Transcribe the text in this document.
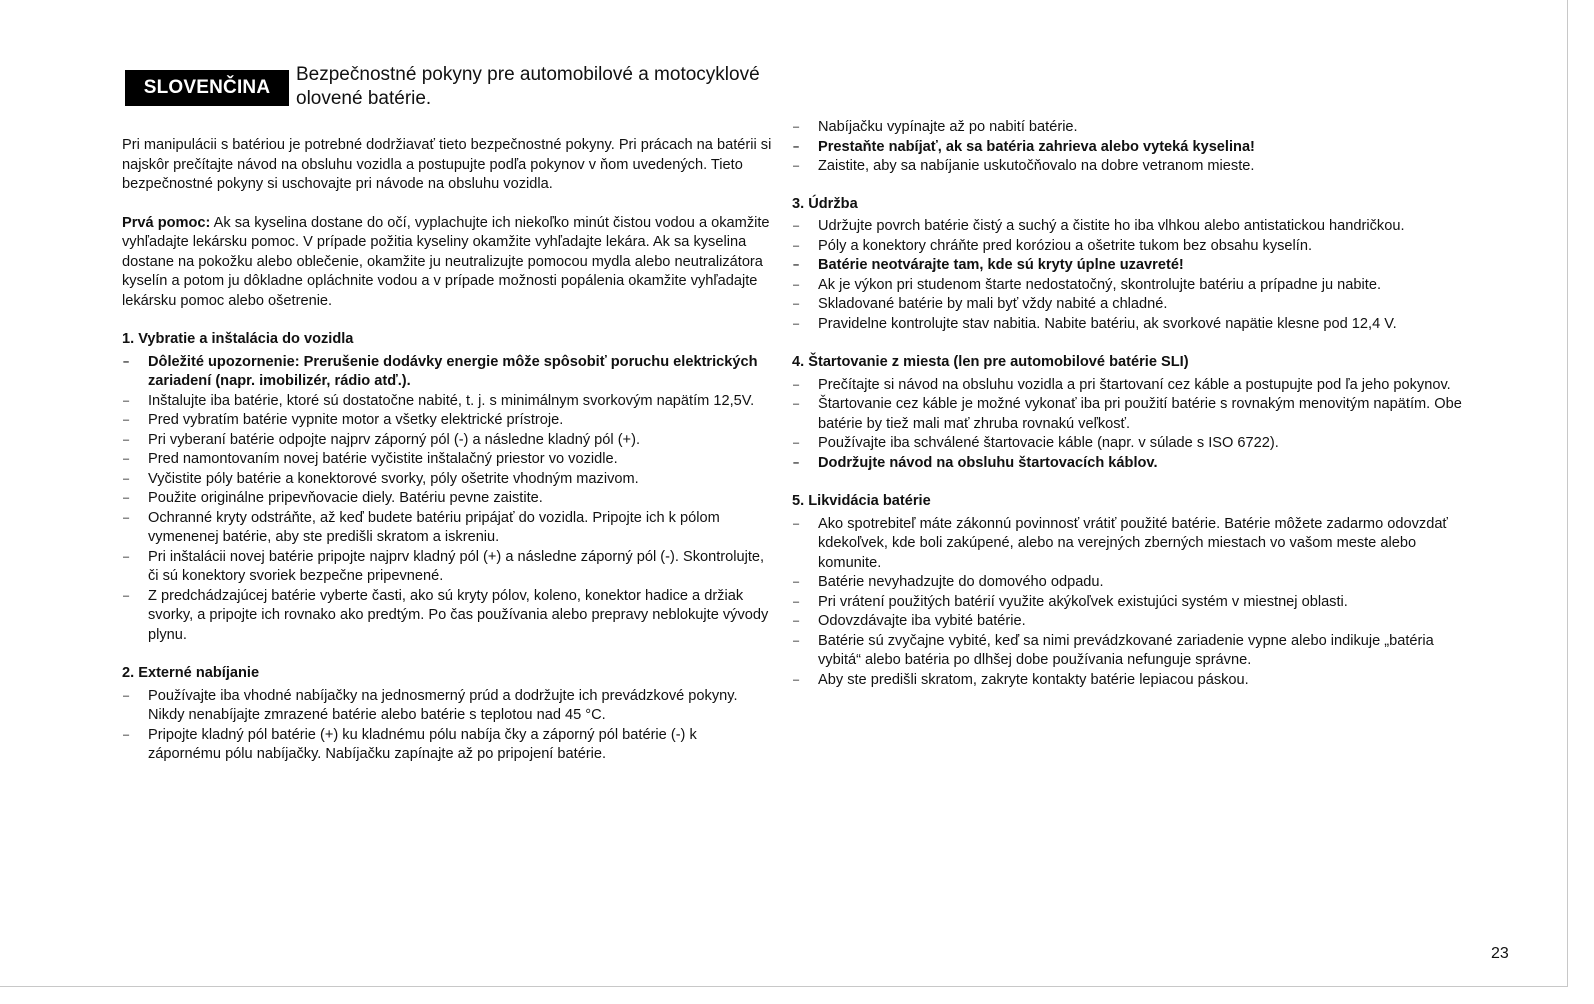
SLOVENČINA
Bezpečnostné pokyny pre automobilové a motocyklové olovené batérie.

Pri manipulácii s batériou je potrebné dodržiavať tieto bezpečnostné pokyny. Pri prácach na batérii si najskôr prečítajte návod na obsluhu vozidla a postupujte podľa pokynov v ňom uvedených. Tieto bezpečnostné pokyny si uschovajte pri návode na obsluhu vozidla.

Prvá pomoc: Ak sa kyselina dostane do očí, vyplachujte ich niekoľko minút čistou vodou a okamžite vyhľadajte lekársku pomoc. V prípade požitia kyseliny okamžite vyhľadajte lekára. Ak sa kyselina dostane na pokožku alebo oblečenie, okamžite ju neutralizujte pomocou mydla alebo neutralizátora kyselín a potom ju dôkladne opláchnite vodou a v prípade možnosti popálenia okamžite vyhľadajte lekársku pomoc alebo ošetrenie.

1. Vybratie a inštalácia do vozidla
– Dôležité upozornenie: Prerušenie dodávky energie môže spôsobiť poruchu elektrických zariadení (napr. imobilizér, rádio atď.).
– Inštalujte iba batérie, ktoré sú dostatočne nabité, t. j. s minimálnym svorkovým napätím 12,5V.
– Pred vybratím batérie vypnite motor a všetky elektrické prístroje.
– Pri vyberaní batérie odpojte najprv záporný pól (-) a následne kladný pól (+).
– Pred namontovaním novej batérie vyčistite inštalačný priestor vo vozidle.
– Vyčistite póly batérie a konektorové svorky, póly ošetrite vhodným mazivom.
– Použite originálne pripevňovacie diely. Batériu pevne zaistite.
– Ochranné kryty odstráňte, až keď budete batériu pripájať do vozidla. Pripojte ich k pólom vymenenej batérie, aby ste predišli skratom a iskreniu.
– Pri inštalácii novej batérie pripojte najprv kladný pól (+) a následne záporný pól (-). Skontrolujte, či sú konektory svoriek bezpečne pripevnené.
– Z predchádzajúcej batérie vyberte časti, ako sú kryty pólov, koleno, konektor hadice a držiak svorky, a pripojte ich rovnako ako predtým. Po čas používania alebo prepravy neblokujte vývody plynu.
2. Externé nabíjanie
– Používajte iba vhodné nabíjačky na jednosmerný prúd a dodržujte ich prevádzkové pokyny. Nikdy nenabíjajte zmrazené batérie alebo batérie s teplotou nad 45 °C.
– Pripojte kladný pól batérie (+) ku kladnému pólu nabíja čky a záporný pól batérie (-) k zápornému pólu nabíjačky. Nabíjačku zapínajte až po pripojení batérie.
– Nabíjačku vypínajte až po nabití batérie.
– Prestaňte nabíjať, ak sa batéria zahrieva alebo vyteká kyselina!
– Zaistite, aby sa nabíjanie uskutočňovalo na dobre vetranom mieste.
3. Údržba
– Udržujte povrch batérie čistý a suchý a čistite ho iba vlhkou alebo antistatickou handričkou.
– Póly a konektory chráňte pred koróziou a ošetrite tukom bez obsahu kyselín.
– Batérie neotvárajte tam, kde sú kryty úplne uzavreté!
– Ak je výkon pri studenom štarte nedostatočný, skontrolujte batériu a prípadne ju nabite.
– Skladované batérie by mali byť vždy nabité a chladné.
– Pravidelne kontrolujte stav nabitia. Nabite batériu, ak svorkové napätie klesne pod 12,4 V.
4. Štartovanie z miesta (len pre automobilové batérie SLI)
– Prečítajte si návod na obsluhu vozidla a pri štartovaní cez káble a postupujte pod ľa jeho pokynov.
– Štartovanie cez káble je možné vykonať iba pri použití batérie s rovnakým menovitým napätím. Obe batérie by tiež mali mať zhruba rovnakú veľkosť.
– Používajte iba schválené štartovacie káble (napr. v súlade s ISO 6722).
– Dodržujte návod na obsluhu štartovacích káblov.
5. Likvidácia batérie
– Ako spotrebiteľ máte zákonnú povinnosť vrátiť použité batérie. Batérie môžete zadarmo odovzdať kdekoľvek, kde boli zakúpené, alebo na verejných zberných miestach vo vašom meste alebo komunite.
– Batérie nevyhadzujte do domového odpadu.
– Pri vrátení použitých batérií využite akýkoľvek existujúci systém v miestnej oblasti.
– Odovzdávajte iba vybité batérie.
– Batérie sú zvyčajne vybité, keď sa nimi prevádzkované zariadenie vypne alebo indikuje „batéria vybitá“ alebo batéria po dlhšej dobe používania nefunguje správne.
– Aby ste predišli skratom, zakryte kontakty batérie lepiacou páskou.
23
